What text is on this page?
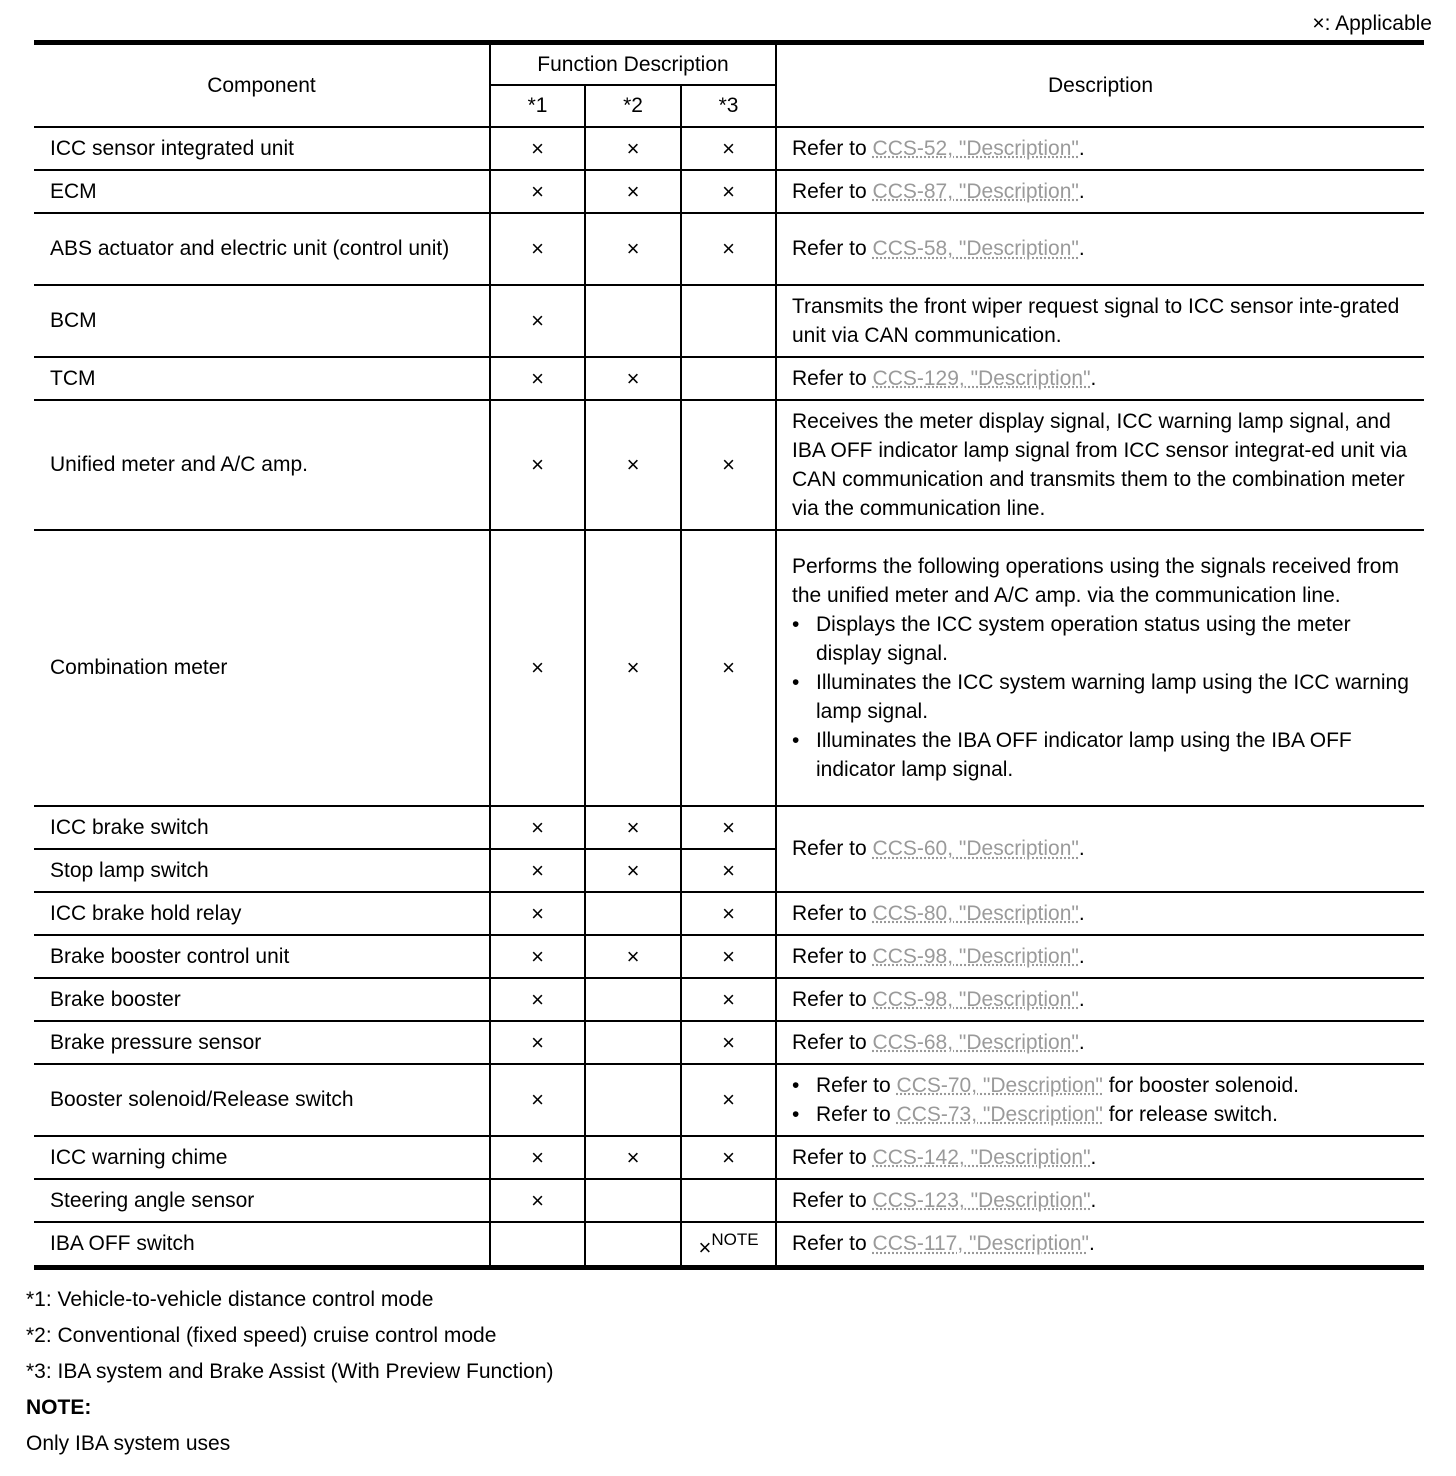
×: Applicable
Component	Function Description			Description
	*1	*2	*3	
ICC sensor integrated unit	×	×	×	Refer to CCS-52, "Description".
ECM	×	×	×	Refer to CCS-87, "Description".
ABS actuator and electric unit (control unit)	×	×	×	Refer to CCS-58, "Description".
BCM	×			Transmits the front wiper request signal to ICC sensor inte-grated unit via CAN communication.
TCM	×	×		Refer to CCS-129, "Description".
Unified meter and A/C amp.	×	×	×	Receives the meter display signal, ICC warning lamp signal, and IBA OFF indicator lamp signal from ICC sensor integrat-ed unit via CAN communication and transmits them to the combination meter via the communication line.
Combination meter	×	×	×	Performs the following operations using the signals received from the unified meter and A/C amp. via the communication line.
• Displays the ICC system operation status using the meter display signal.
• Illuminates the ICC system warning lamp using the ICC warning lamp signal.
• Illuminates the IBA OFF indicator lamp using the IBA OFF indicator lamp signal.

ICC brake switch	×	×	×	Refer to CCS-60, "Description".
Stop lamp switch	×	×	×	
ICC brake hold relay	×		×	Refer to CCS-80, "Description".
Brake booster control unit	×	×	×	Refer to CCS-98, "Description".
Brake booster	×		×	Refer to CCS-98, "Description".
Brake pressure sensor	×		×	Refer to CCS-68, "Description".
Booster solenoid/Release switch	×		×	• Refer to CCS-70, "Description" for booster solenoid.
• Refer to CCS-73, "Description" for release switch.

ICC warning chime	×	×	×	Refer to CCS-142, "Description".
Steering angle sensor	×			Refer to CCS-123, "Description".
IBA OFF switch			×$^{NOTE}$	Refer to CCS-117, "Description".
*1: Vehicle-to-vehicle distance control mode
*2: Conventional (fixed speed) cruise control mode
*3: IBA system and Brake Assist (With Preview Function)
NOTE:
Only IBA system uses
